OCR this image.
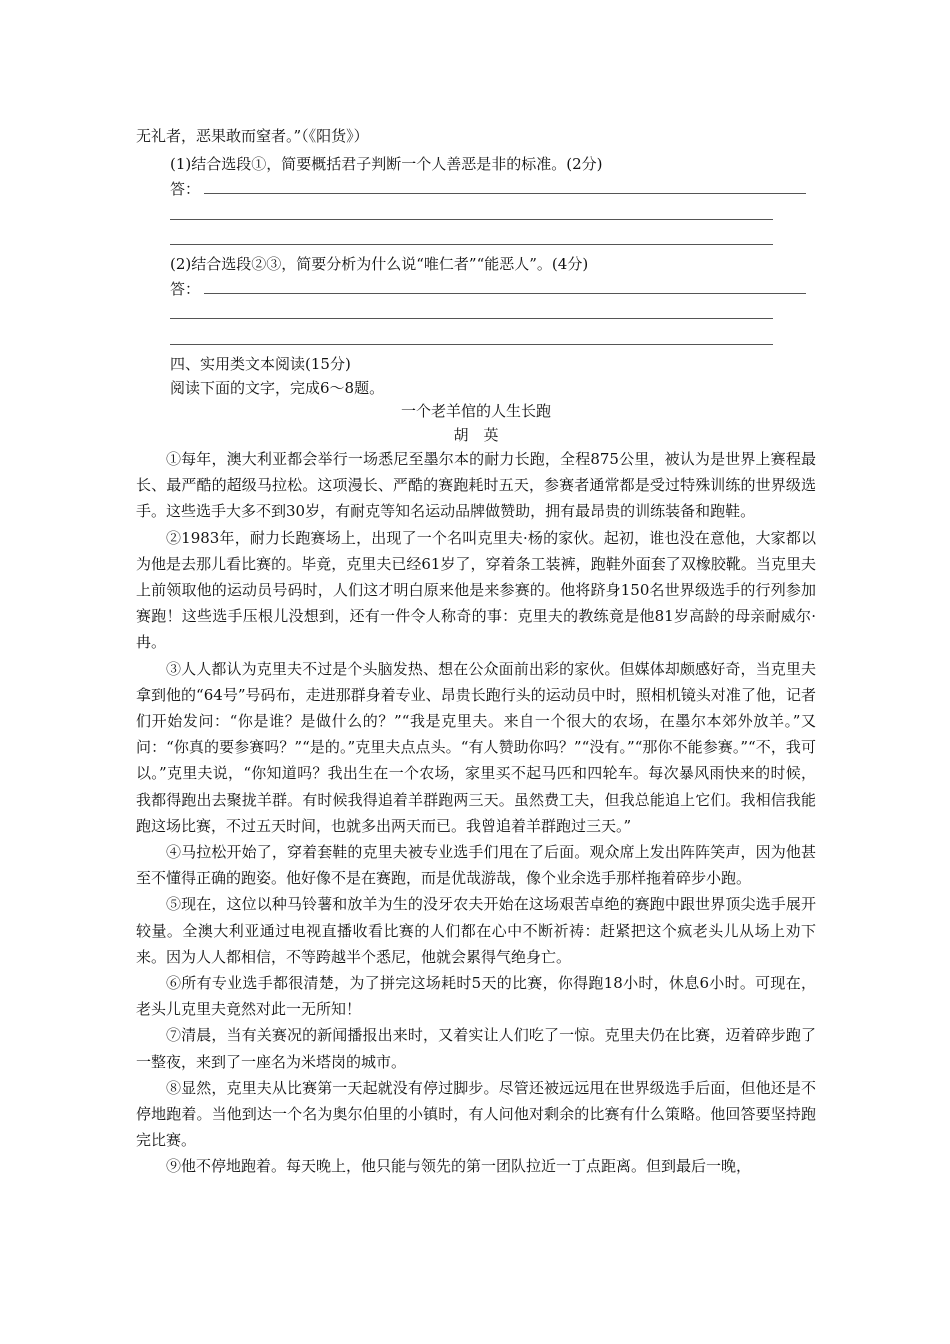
无礼者，恶果敢而窒者。”（《阳货》）
(1)结合选段①，简要概括君子判断一个人善恶是非的标准。(2分)
答：
(2)结合选段②③，简要分析为什么说“唯仁者”“能恶人”。(4分)
答：
四、实用类文本阅读(15分)
阅读下面的文字，完成6～8题。
一个老羊倌的人生长跑
胡　英

①每年，澳大利亚都会举行一场悉尼至墨尔本的耐力长跑，全程875公里，被认为是世界上赛程最长、最严酷的超级马拉松。这项漫长、严酷的赛跑耗时五天，参赛者通常都是受过特殊训练的世界级选手。这些选手大多不到30岁，有耐克等知名运动品牌做赞助，拥有最昂贵的训练装备和跑鞋。

②1983年，耐力长跑赛场上，出现了一个名叫克里夫·杨的家伙。起初，谁也没在意他，大家都以为他是去那儿看比赛的。毕竟，克里夫已经61岁了，穿着条工装裤，跑鞋外面套了双橡胶靴。当克里夫上前领取他的运动员号码时，人们这才明白原来他是来参赛的。他将跻身150名世界级选手的行列参加赛跑！这些选手压根儿没想到，还有一件令人称奇的事：克里夫的教练竟是他81岁高龄的母亲耐威尔·冉。

③人人都认为克里夫不过是个头脑发热、想在公众面前出彩的家伙。但媒体却颇感好奇，当克里夫拿到他的“64号”号码布，走进那群身着专业、昂贵长跑行头的运动员中时，照相机镜头对准了他，记者们开始发问：“你是谁？是做什么的？”“我是克里夫。来自一个很大的农场，在墨尔本郊外放羊。”又问：“你真的要参赛吗？”“是的。”克里夫点点头。“有人赞助你吗？”“没有。”“那你不能参赛。”“不，我可以。”克里夫说，“你知道吗？我出生在一个农场，家里买不起马匹和四轮车。每次暴风雨快来的时候，我都得跑出去聚拢羊群。有时候我得追着羊群跑两三天。虽然费工夫，但我总能追上它们。我相信我能跑这场比赛，不过五天时间，也就多出两天而已。我曾追着羊群跑过三天。”

④马拉松开始了，穿着套鞋的克里夫被专业选手们甩在了后面。观众席上发出阵阵笑声，因为他甚至不懂得正确的跑姿。他好像不是在赛跑，而是优哉游哉，像个业余选手那样拖着碎步小跑。

⑤现在，这位以种马铃薯和放羊为生的没牙农夫开始在这场艰苦卓绝的赛跑中跟世界顶尖选手展开较量。全澳大利亚通过电视直播收看比赛的人们都在心中不断祈祷：赶紧把这个疯老头儿从场上劝下来。因为人人都相信，不等跨越半个悉尼，他就会累得气绝身亡。

⑥所有专业选手都很清楚，为了拼完这场耗时5天的比赛，你得跑18小时，休息6小时。可现在，老头儿克里夫竟然对此一无所知！

⑦清晨，当有关赛况的新闻播报出来时，又着实让人们吃了一惊。克里夫仍在比赛，迈着碎步跑了一整夜，来到了一座名为米塔岗的城市。

⑧显然，克里夫从比赛第一天起就没有停过脚步。尽管还被远远甩在世界级选手后面，但他还是不停地跑着。当他到达一个名为奥尔伯里的小镇时，有人问他对剩余的比赛有什么策略。他回答要坚持跑完比赛。

⑨他不停地跑着。每天晚上，他只能与领先的第一团队拉近一丁点距离。但到最后一晚，
